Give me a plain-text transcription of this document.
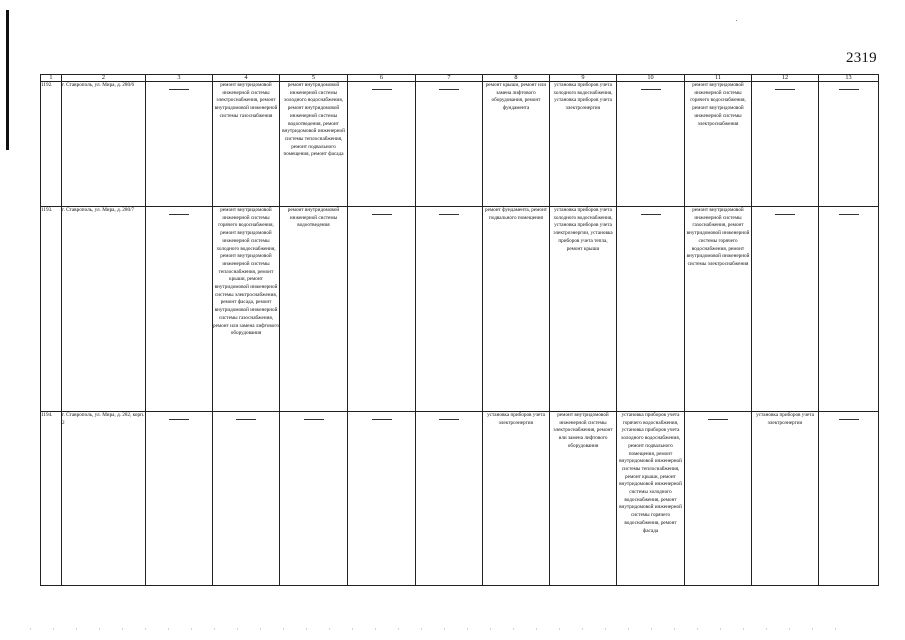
2319
1	2	3	4	5	6	7	8	9	10	11	12	13
1192.	г. Ставрополь, ул. Мира, д. 280/6		ремонт внутридомовой инженерной системы электроснабжения, ремонт внутридомовой инженерной системы газоснабжения	ремонт внутридомовой инженерной системы холодного водоснабжения, ремонт внутридомовой инженерной системы водоотведения, ремонт внутридомовой инженерной системы теплоснабжения, ремонт подвального помещения, ремонт фасада			ремонт крыши, ремонт или замена лифтового оборудования, ремонт фундамента	установка приборов учета холодного водоснабжения, установка приборов учета электроэнергии		ремонт внутридомовой инженерной системы горячего водоснабжения, ремонт внутридомовой инженерной системы электроснабжения	

1193.	г. Ставрополь, ул. Мира, д. 280/7		ремонт внутридомовой инженерной системы горячего водоснабжения, ремонт внутридомовой инженерной системы холодного водоснабжения, ремонт внутридомовой инженерной системы теплоснабжения, ремонт крыши, ремонт внутридомовой инженерной системы электроснабжения, ремонт фасада, ремонт внутридомовой инженерной системы газоснабжения, ремонт или замена лифтового оборудования	ремонт внутридомовой инженерной системы водоотведения			ремонт фундамента, ремонт подвального помещения	установка приборов учета холодного водоснабжения, установка приборов учета электроэнергии, установка приборов учета тепла, ремонт крыши		ремонт внутридомовой инженерной системы газоснабжения, ремонт внутридомовой инженерной системы горячего водоснабжения, ремонт внутридомовой инженерной системы электроснабжения	

1194.	г. Ставрополь, ул. Мира, д. 282, корп. 2						установка приборов учета электроэнергии	ремонт внутридомовой инженерной системы электроснабжения, ремонт или замена лифтового оборудования	установка приборов учета горячего водоснабжения, установка приборов учета холодного водоснабжения, ремонт подвального помещения, ремонт внутридомовой инженерной системы теплоснабжения, ремонт крыши, ремонт внутридомовой инженерной системы холодного водоснабжения, ремонт внутридомовой инженерной системы горячего водоснабжения, ремонт фасада		установка приборов учета электроэнергии	
